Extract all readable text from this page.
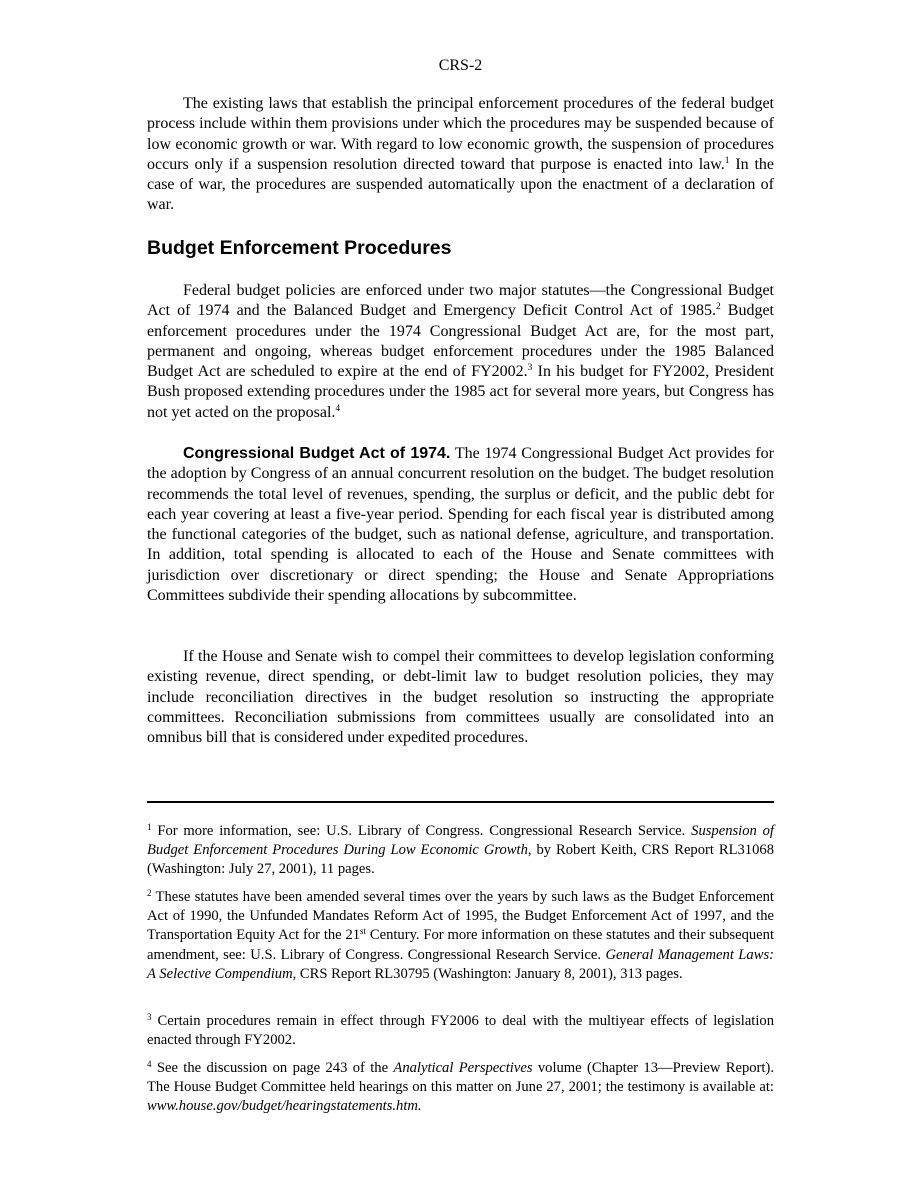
CRS-2

The existing laws that establish the principal enforcement procedures of the federal budget process include within them provisions under which the procedures may be suspended because of low economic growth or war. With regard to low economic growth, the suspension of procedures occurs only if a suspension resolution directed toward that purpose is enacted into law.$^1$ In the case of war, the procedures are suspended automatically upon the enactment of a declaration of war.

Budget Enforcement Procedures

Federal budget policies are enforced under two major statutes—the Congressional Budget Act of 1974 and the Balanced Budget and Emergency Deficit Control Act of 1985.$^2$ Budget enforcement procedures under the 1974 Congressional Budget Act are, for the most part, permanent and ongoing, whereas budget enforcement procedures under the 1985 Balanced Budget Act are scheduled to expire at the end of FY2002.$^3$ In his budget for FY2002, President Bush proposed extending procedures under the 1985 act for several more years, but Congress has not yet acted on the proposal.$^4$

Congressional Budget Act of 1974. The 1974 Congressional Budget Act provides for the adoption by Congress of an annual concurrent resolution on the budget. The budget resolution recommends the total level of revenues, spending, the surplus or deficit, and the public debt for each year covering at least a five-year period. Spending for each fiscal year is distributed among the functional categories of the budget, such as national defense, agriculture, and transportation. In addition, total spending is allocated to each of the House and Senate committees with jurisdiction over discretionary or direct spending; the House and Senate Appropriations Committees subdivide their spending allocations by subcommittee.

If the House and Senate wish to compel their committees to develop legislation conforming existing revenue, direct spending, or debt-limit law to budget resolution policies, they may include reconciliation directives in the budget resolution so instructing the appropriate committees. Reconciliation submissions from committees usually are consolidated into an omnibus bill that is considered under expedited procedures.

$^1$ For more information, see: U.S. Library of Congress. Congressional Research Service. Suspension of Budget Enforcement Procedures During Low Economic Growth, by Robert Keith, CRS Report RL31068 (Washington: July 27, 2001), 11 pages.

$^2$ These statutes have been amended several times over the years by such laws as the Budget Enforcement Act of 1990, the Unfunded Mandates Reform Act of 1995, the Budget Enforcement Act of 1997, and the Transportation Equity Act for the 21st Century. For more information on these statutes and their subsequent amendment, see: U.S. Library of Congress. Congressional Research Service. General Management Laws: A Selective Compendium, CRS Report RL30795 (Washington: January 8, 2001), 313 pages.

$^3$ Certain procedures remain in effect through FY2006 to deal with the multiyear effects of legislation enacted through FY2002.

$^4$ See the discussion on page 243 of the Analytical Perspectives volume (Chapter 13—Preview Report). The House Budget Committee held hearings on this matter on June 27, 2001; the testimony is available at: www.house.gov/budget/hearingstatements.htm.
